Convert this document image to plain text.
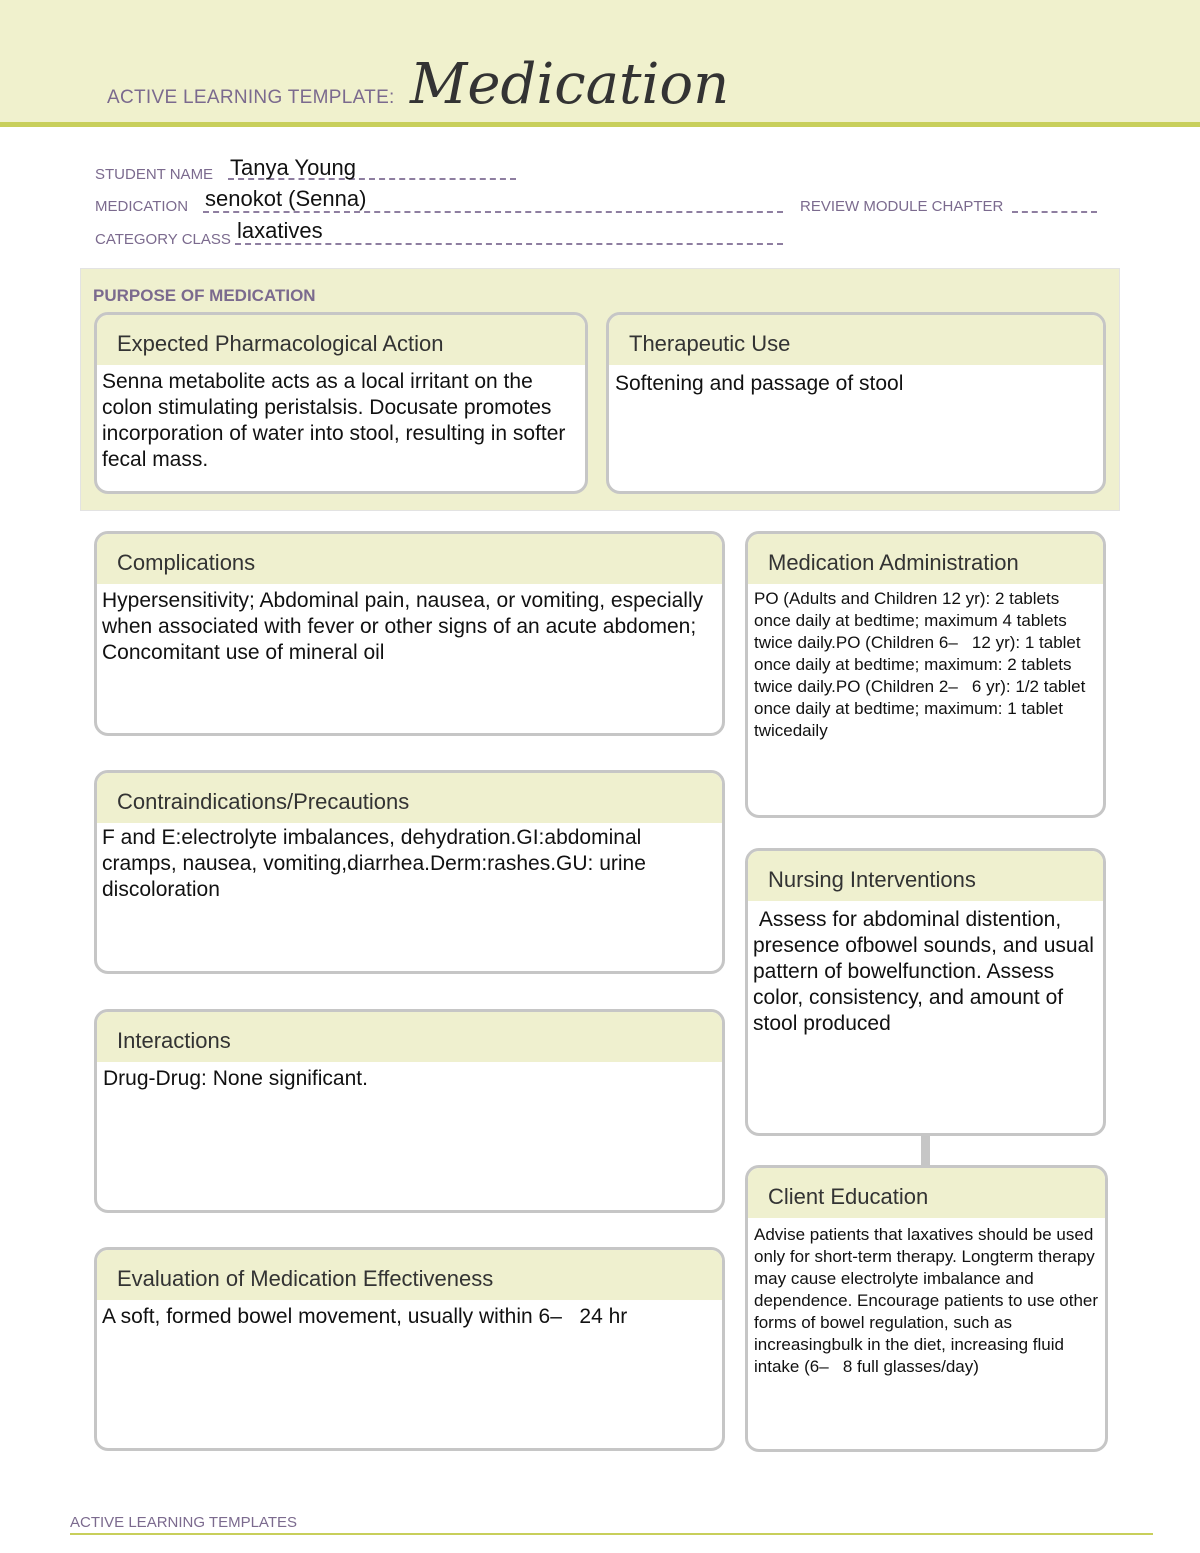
ACTIVE LEARNING TEMPLATE: Medication
STUDENT NAME Tanya Young
MEDICATION senokot (Senna)	REVIEW MODULE CHAPTER
CATEGORY CLASS laxatives
PURPOSE OF MEDICATION
Expected Pharmacological Action
Senna metabolite acts as a local irritant on the colon stimulating peristalsis. Docusate promotes incorporation of water into stool, resulting in softer fecal mass.
Therapeutic Use
Softening and passage of stool
Complications
Hypersensitivity; Abdominal pain, nausea, or vomiting, especially when associated with fever or other signs of an acute abdomen; Concomitant use of mineral oil
Contraindications/Precautions
F and E:electrolyte imbalances, dehydration.GI:abdominal cramps, nausea, vomiting,diarrhea.Derm:rashes.GU: urine discoloration
Interactions
Drug-Drug: None significant.
Evaluation of Medication Effectiveness
A soft, formed bowel movement, usually within 6–   24 hr
Medication Administration
PO (Adults and Children 12 yr): 2 tablets once daily at bedtime; maximum 4 tablets twice daily.PO (Children 6–   12 yr): 1 tablet once daily at bedtime; maximum: 2 tablets twice daily.PO (Children 2–   6 yr): 1/2 tablet once daily at bedtime; maximum: 1 tablet twicedaily
Nursing Interventions
Assess for abdominal distention, presence ofbowel sounds, and usual pattern of bowelfunction. Assess color, consistency, and amount of stool produced
Client Education
Advise patients that laxatives should be used only for short-term therapy. Longterm therapy may cause electrolyte imbalance and dependence. Encourage patients to use other forms of bowel regulation, such as increasingbulk in the diet, increasing fluid intake (6–   8 full glasses/day)
ACTIVE LEARNING TEMPLATES
